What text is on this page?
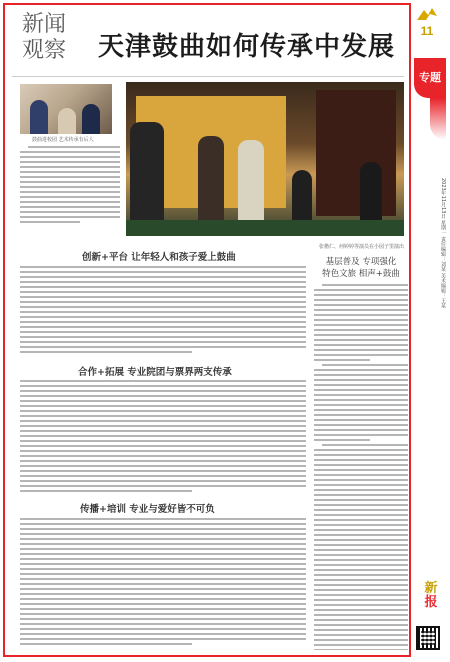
新闻观察	天津鼓曲如何传承中发展
鼓曲进校园 艺术传承有后人
张楷仁、何婷婷等演员在小园子里演出
创新+平台 让年轻人和孩子爱上鼓曲
合作+拓展 专业院团与票界两支传承
传播+培训 专业与爱好皆不可负
基层普及 专项强化
特色文旅 相声+鼓曲
11
专题
2023年11月13日 星期一 责任编辑：刘某 美术编辑：王某
新
报
